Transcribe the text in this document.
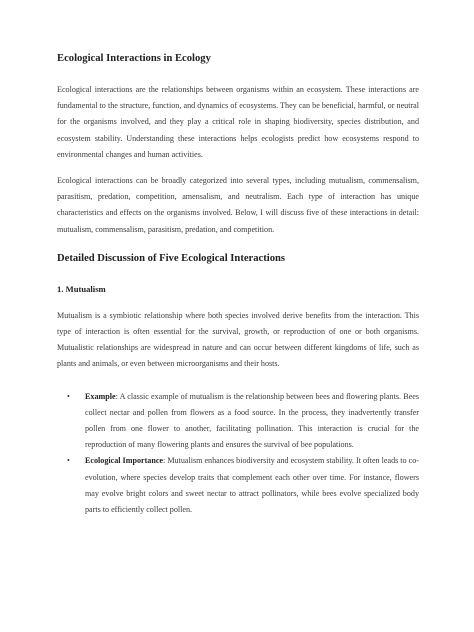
Ecological Interactions in Ecology

Ecological interactions are the relationships between organisms within an ecosystem. These interactions are fundamental to the structure, function, and dynamics of ecosystems. They can be beneficial, harmful, or neutral for the organisms involved, and they play a critical role in shaping biodiversity, species distribution, and ecosystem stability. Understanding these interactions helps ecologists predict how ecosystems respond to environmental changes and human activities.

Ecological interactions can be broadly categorized into several types, including mutualism, commensalism, parasitism, predation, competition, amensalism, and neutralism. Each type of interaction has unique characteristics and effects on the organisms involved. Below, I will discuss five of these interactions in detail: mutualism, commensalism, parasitism, predation, and competition.

Detailed Discussion of Five Ecological Interactions
1. Mutualism

Mutualism is a symbiotic relationship where both species involved derive benefits from the interaction. This type of interaction is often essential for the survival, growth, or reproduction of one or both organisms. Mutualistic relationships are widespread in nature and can occur between different kingdoms of life, such as plants and animals, or even between microorganisms and their hosts.

• Example: A classic example of mutualism is the relationship between bees and flowering plants. Bees collect nectar and pollen from flowers as a food source. In the process, they inadvertently transfer pollen from one flower to another, facilitating pollination. This interaction is crucial for the reproduction of many flowering plants and ensures the survival of bee populations.

• Ecological Importance: Mutualism enhances biodiversity and ecosystem stability. It often leads to co-evolution, where species develop traits that complement each other over time. For instance, flowers may evolve bright colors and sweet nectar to attract pollinators, while bees evolve specialized body parts to efficiently collect pollen.
